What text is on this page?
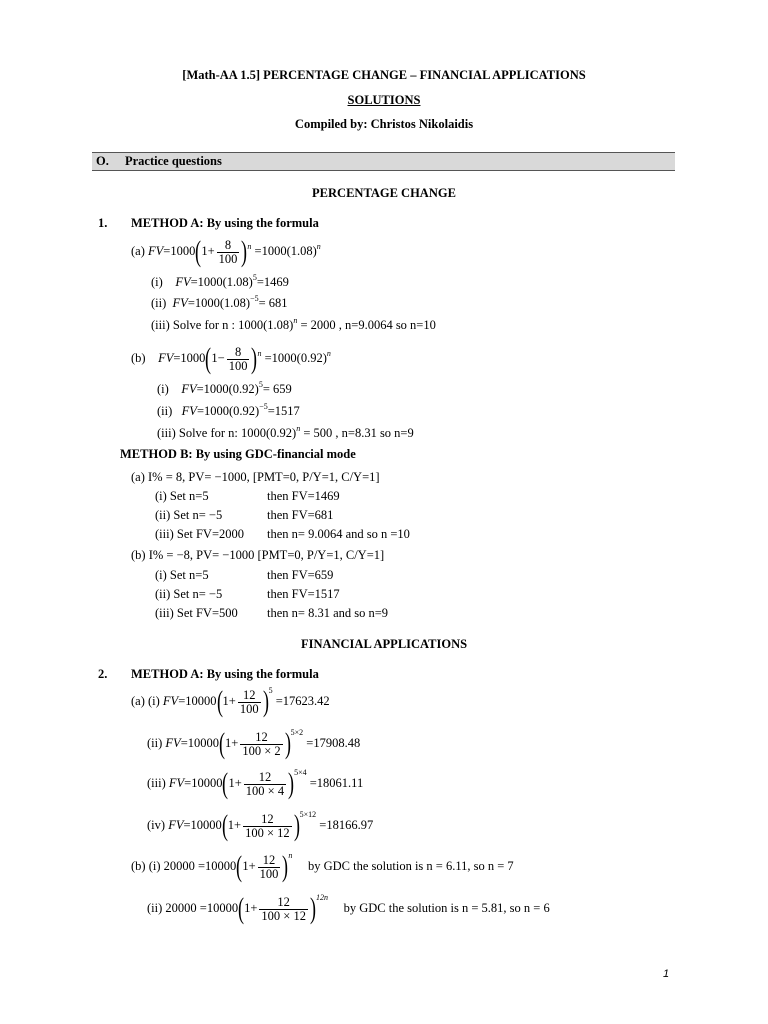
[Math-AA 1.5] PERCENTAGE CHANGE – FINANCIAL APPLICATIONS
SOLUTIONS
Compiled by: Christos Nikolaidis
O. Practice questions
PERCENTAGE CHANGE
1. METHOD A: By using the formula
(a) $FV=1000(1+ \frac{8}{100} )^n =1000(1.08)^n$
(i) $FV=1000(1.08)^5=1469$
(ii) $FV=1000(1.08)^{-5}= 681$
(iii) Solve for n : $1000(1.08)^n = 2000$ , n=9.0064 so n=10
(b) $FV=1000(1- \frac{8}{100} )^n =1000(0.92)^n$
(i) $FV=1000(0.92)^5= 659$
(ii) $FV=1000(0.92)^{-5}=1517$
(iii) Solve for n: $1000(0.92)^n = 500$ , n=8.31 so n=9
METHOD B: By using GDC-financial mode
(a) I% = 8, PV= −1000, [PMT=0, P/Y=1, C/Y=1]
(i) Set n=5	then FV=1469
(ii) Set n= −5	then FV=681
(iii) Set FV=2000 then n= 9.0064 and so n =10
(b) I% = −8, PV= −1000 [PMT=0, P/Y=1, C/Y=1]
(i) Set n=5	then FV=659
(ii) Set n= −5	then FV=1517
(iii) Set FV=500 then n= 8.31 and so n=9
FINANCIAL APPLICATIONS
2. METHOD A: By using the formula
(a) (i) $FV=10000(1+ \frac{12}{100} )^5 =17623.42$
(ii) $FV=10000(1+ \frac{12}{100 \times 2} )^{5\times 2} =17908.48$
(iii) $FV=10000(1+ \frac{12}{100 \times 4} )^{5\times 4} =18061.11$
(iv) $FV=10000(1+ \frac{12}{100 \times 12} )^{5\times 12} =18166.97$
(b) (i) $20000 =10000(1+ \frac{12}{100} )^n$     by GDC the solution is n = 6.11, so n = 7
(ii) $20000 =10000(1+ \frac{12}{100 \times 12} )^{12n}$     by GDC the solution is n = 5.81, so n = 6
1
